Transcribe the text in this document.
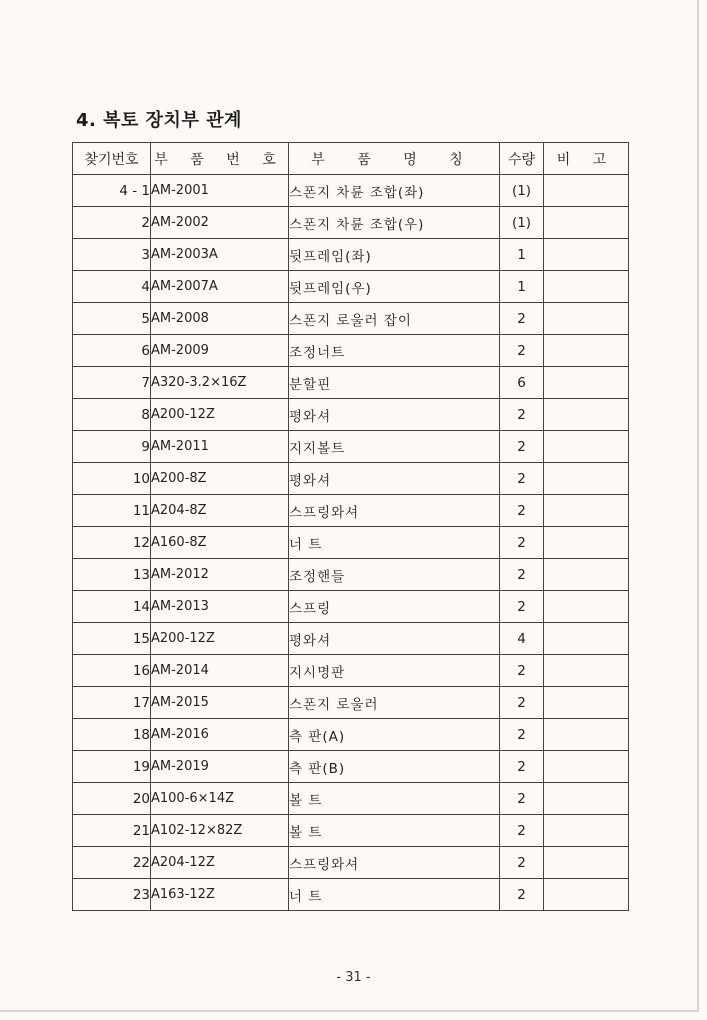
4. 복토 장치부 관계
찾기번호	부 품 번 호	부 품 명 칭	수량	비 고
4 - 1	AM-2001	스폰지 차륜 조합(좌)	(1)	
2	AM-2002	스폰지 차륜 조합(우)	(1)	
3	AM-2003A	뒷프레임(좌)	1	
4	AM-2007A	뒷프레임(우)	1	
5	AM-2008	스폰지 로울러 잡이	2	
6	AM-2009	조정너트	2	
7	A320-3.2×16Z	분할핀	6	
8	A200-12Z	평와셔	2	
9	AM-2011	지지볼트	2	
10	A200-8Z	평와셔	2	
11	A204-8Z	스프링와셔	2	
12	A160-8Z	너 트	2	
13	AM-2012	조정핸들	2	
14	AM-2013	스프링	2	
15	A200-12Z	평와셔	4	
16	AM-2014	지시명판	2	
17	AM-2015	스폰지 로울러	2	
18	AM-2016	측 판(A)	2	
19	AM-2019	측 판(B)	2	
20	A100-6×14Z	볼 트	2	
21	A102-12×82Z	볼 트	2	
22	A204-12Z	스프링와셔	2	
23	A163-12Z	너 트	2	
- 31 -
